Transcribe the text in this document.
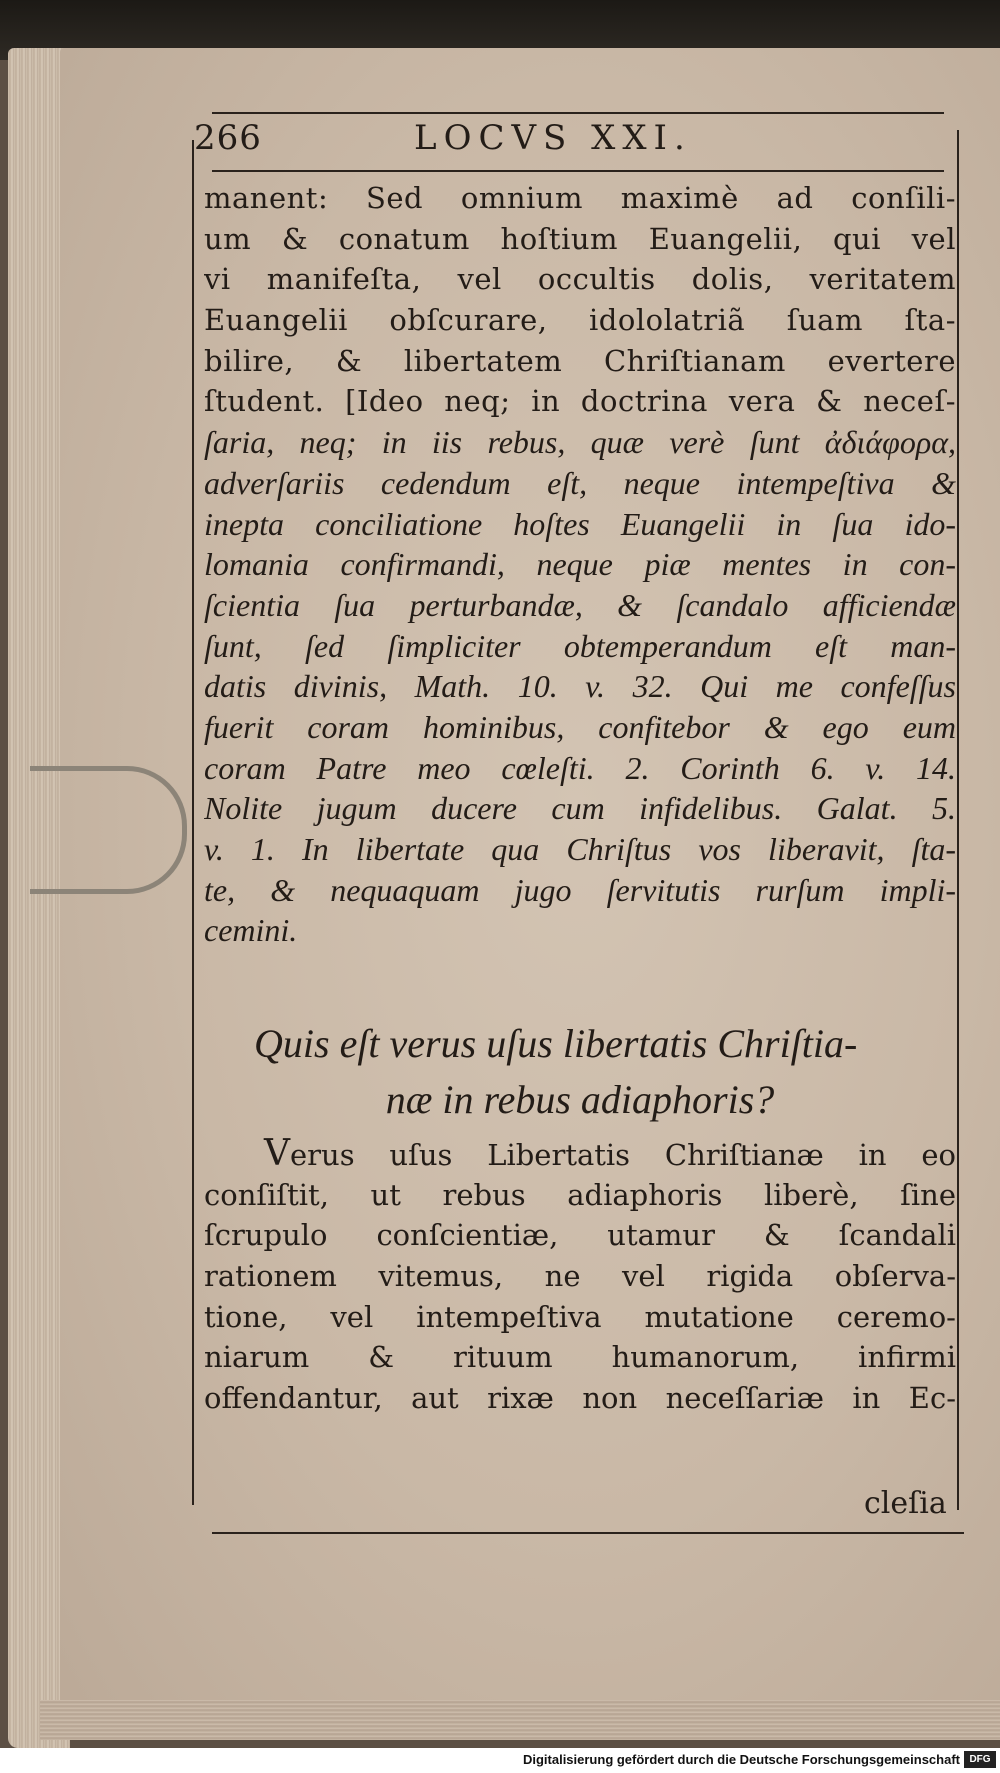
266	LOCVS XXI.
manent: Sed omnium maximè ad conſili-
um & conatum hoſtium Euangelii, qui vel
vi manifeſta, vel occultis dolis, veritatem
Euangelii obſcurare, idololatriã ſuam ſta-
bilire, & libertatem Chriſtianam evertere
ſtudent. [Ideo neq; in doctrina vera & neceſ-
ſaria, neq; in iis rebus, quæ verè ſunt ἀδιάφορα,
adverſariis cedendum eſt, neque intempeſtiva &
inepta conciliatione hoſtes Euangelii in ſua ido-
lomania confirmandi, neque piæ mentes in con-
ſcientia ſua perturbandæ, & ſcandalo afficiendæ
ſunt, ſed ſimpliciter obtemperandum eſt man-
datis divinis, Math. 10. v. 32. Qui me confeſſus
fuerit coram hominibus, confitebor & ego eum
coram Patre meo cœleſti. 2. Corinth 6. v. 14.
Nolite jugum ducere cum infidelibus. Galat. 5.
v. 1. In libertate qua Chriſtus vos liberavit, ſta-
te, & nequaquam jugo ſervitutis rurſum impli-
cemini.
Quis eſt verus uſus libertatis Chriſtia-
næ in rebus adiaphoris?
Verus uſus Libertatis Chriſtianæ in eo
conſiſtit, ut rebus adiaphoris liberè, ſine
ſcrupulo conſcientiæ, utamur & ſcandali
rationem vitemus, ne vel rigida obſerva-
tione, vel intempeſtiva mutatione ceremo-
niarum & rituum humanorum, infirmi
offendantur, aut rixæ non neceſſariæ in Ec-
cleſia
Digitalisierung gefördert durch die Deutsche Forschungsgemeinschaft DFG
